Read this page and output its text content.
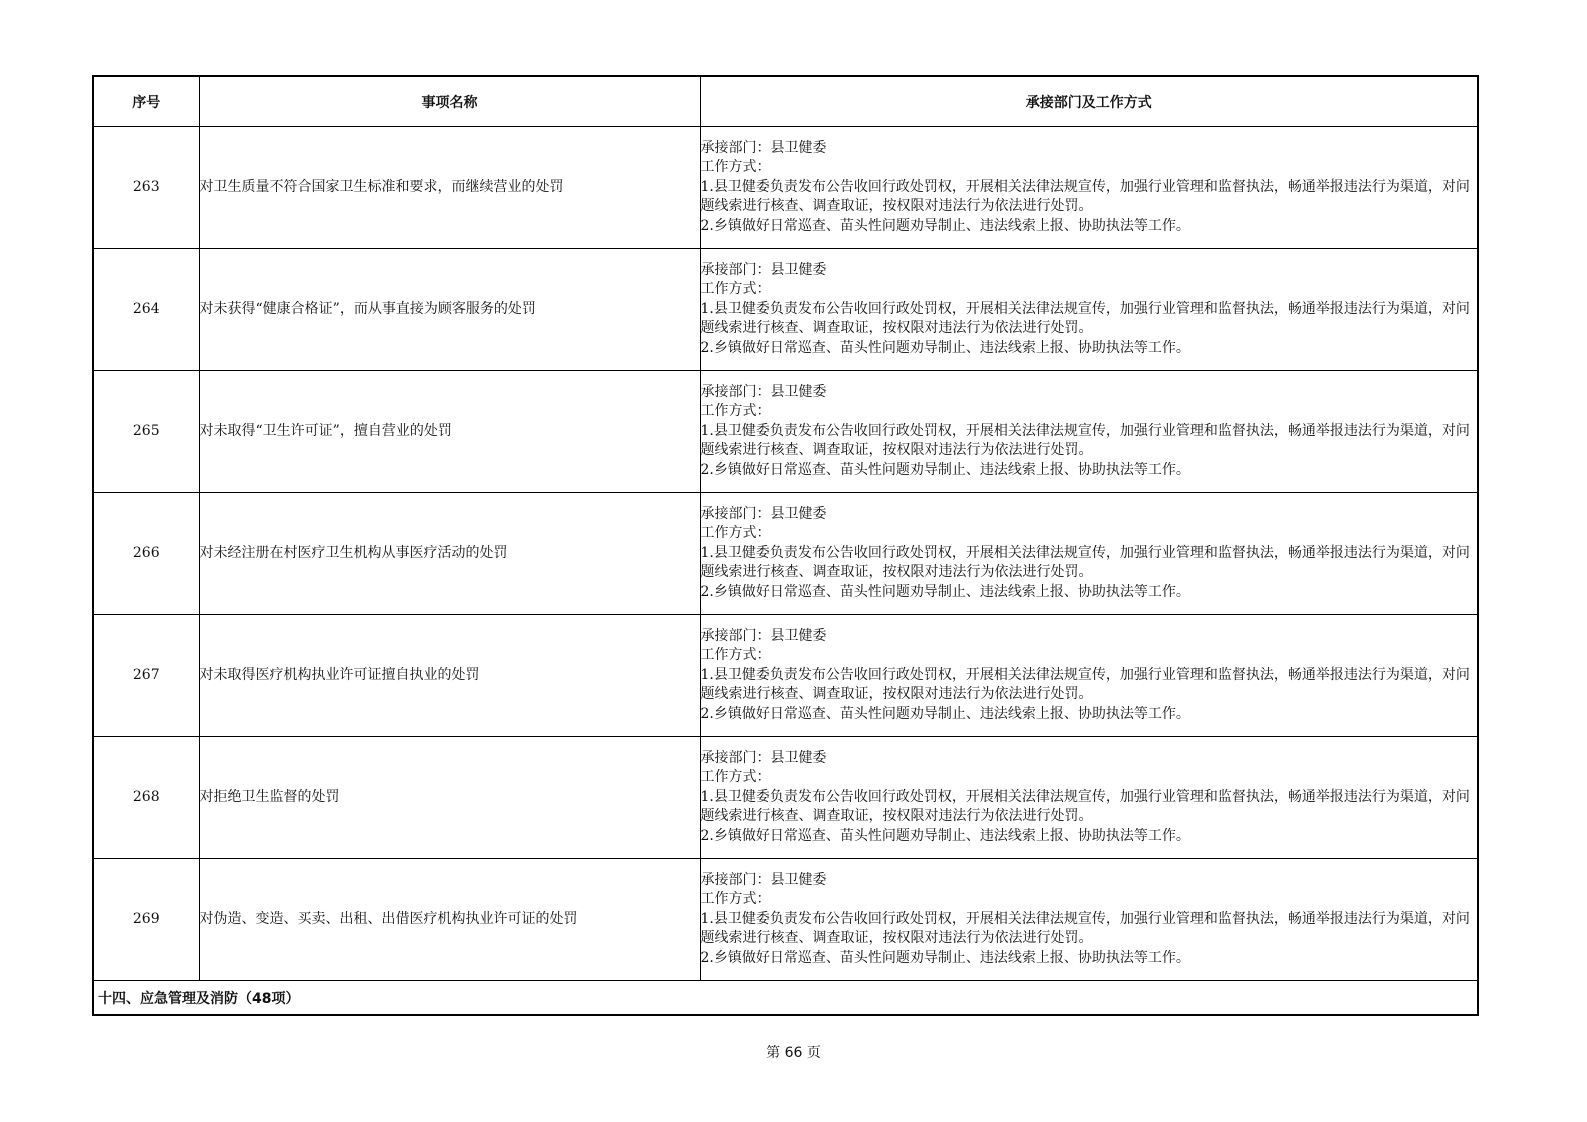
序号	事项名称	承接部门及工作方式
263	对卫生质量不符合国家卫生标准和要求，而继续营业的处罚	承接部门：县卫健委
工作方式：
1.县卫健委负责发布公告收回行政处罚权，开展相关法律法规宣传，加强行业管理和监督执法，畅通举报违法行为渠道，对问题线索进行核查、调查取证，按权限对违法行为依法进行处罚。
2.乡镇做好日常巡查、苗头性问题劝导制止、违法线索上报、协助执法等工作。

264	对未获得“健康合格证”，而从事直接为顾客服务的处罚	承接部门：县卫健委
工作方式：
1.县卫健委负责发布公告收回行政处罚权，开展相关法律法规宣传，加强行业管理和监督执法，畅通举报违法行为渠道，对问题线索进行核查、调查取证，按权限对违法行为依法进行处罚。
2.乡镇做好日常巡查、苗头性问题劝导制止、违法线索上报、协助执法等工作。

265	对未取得“卫生许可证”，擅自营业的处罚	承接部门：县卫健委
工作方式：
1.县卫健委负责发布公告收回行政处罚权，开展相关法律法规宣传，加强行业管理和监督执法，畅通举报违法行为渠道，对问题线索进行核查、调查取证，按权限对违法行为依法进行处罚。
2.乡镇做好日常巡查、苗头性问题劝导制止、违法线索上报、协助执法等工作。

266	对未经注册在村医疗卫生机构从事医疗活动的处罚	承接部门：县卫健委
工作方式：
1.县卫健委负责发布公告收回行政处罚权，开展相关法律法规宣传，加强行业管理和监督执法，畅通举报违法行为渠道，对问题线索进行核查、调查取证，按权限对违法行为依法进行处罚。
2.乡镇做好日常巡查、苗头性问题劝导制止、违法线索上报、协助执法等工作。

267	对未取得医疗机构执业许可证擅自执业的处罚	承接部门：县卫健委
工作方式：
1.县卫健委负责发布公告收回行政处罚权，开展相关法律法规宣传，加强行业管理和监督执法，畅通举报违法行为渠道，对问题线索进行核查、调查取证，按权限对违法行为依法进行处罚。
2.乡镇做好日常巡查、苗头性问题劝导制止、违法线索上报、协助执法等工作。

268	对拒绝卫生监督的处罚	承接部门：县卫健委
工作方式：
1.县卫健委负责发布公告收回行政处罚权，开展相关法律法规宣传，加强行业管理和监督执法，畅通举报违法行为渠道，对问题线索进行核查、调查取证，按权限对违法行为依法进行处罚。
2.乡镇做好日常巡查、苗头性问题劝导制止、违法线索上报、协助执法等工作。

269	对伪造、变造、买卖、出租、出借医疗机构执业许可证的处罚	承接部门：县卫健委
工作方式：
1.县卫健委负责发布公告收回行政处罚权，开展相关法律法规宣传，加强行业管理和监督执法，畅通举报违法行为渠道，对问题线索进行核查、调查取证，按权限对违法行为依法进行处罚。
2.乡镇做好日常巡查、苗头性问题劝导制止、违法线索上报、协助执法等工作。

十四、应急管理及消防（48项）		
第 66 页
